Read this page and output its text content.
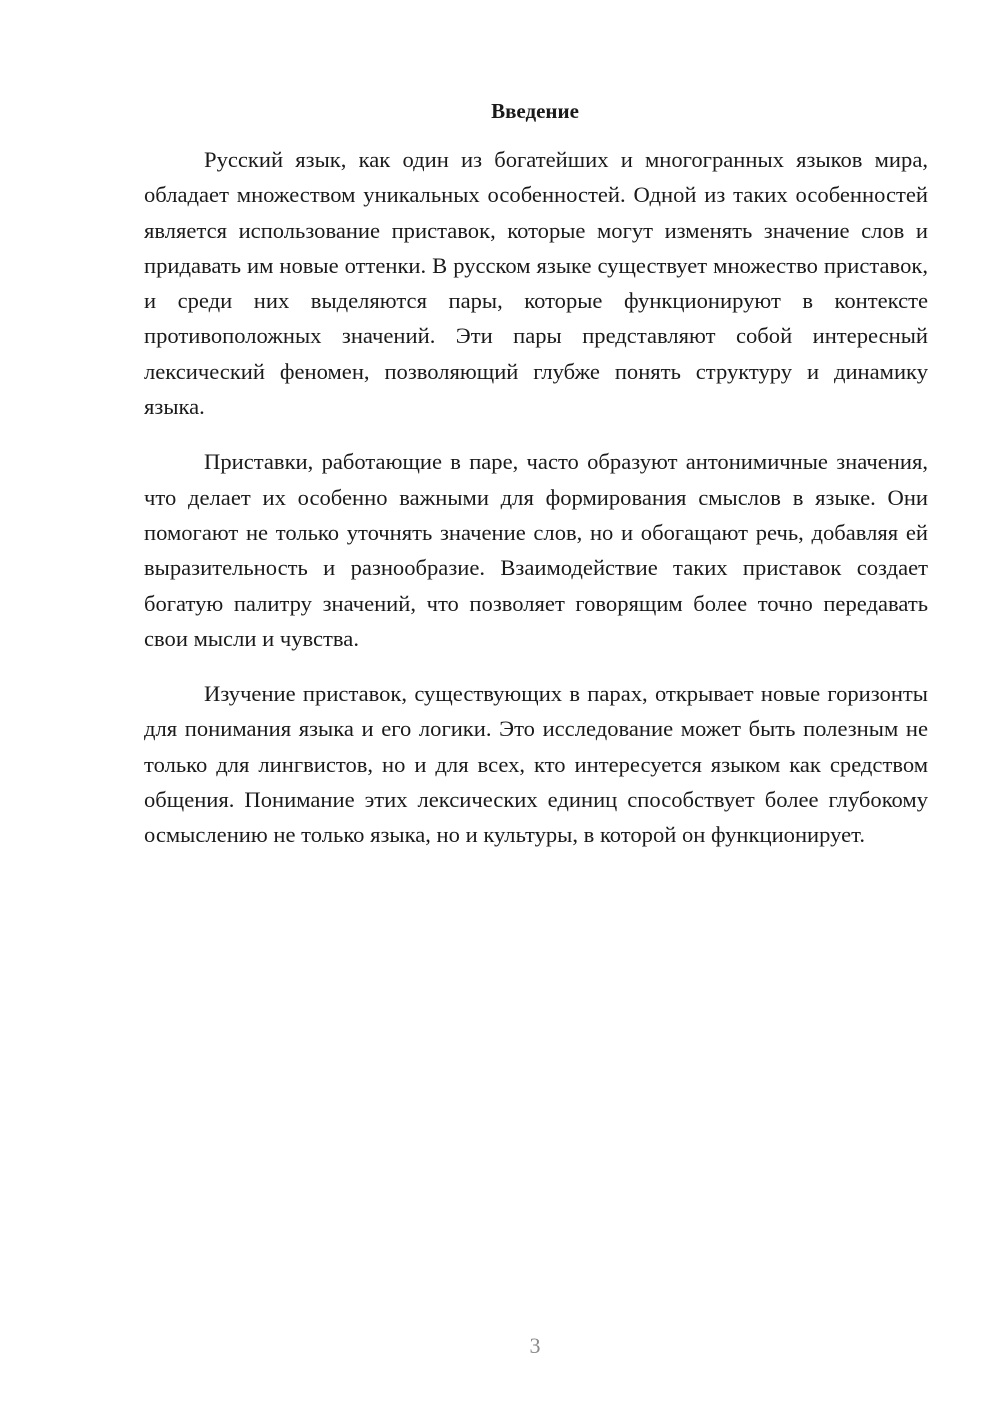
Введение

Русский язык, как один из богатейших и многогранных языков мира, обладает множеством уникальных особенностей. Одной из таких особенностей является использование приставок, которые могут изменять значение слов и придавать им новые оттенки. В русском языке существует множество приставок, и среди них выделяются пары, которые функционируют в контексте противоположных значений. Эти пары представляют собой интересный лексический феномен, позволяющий глубже понять структуру и динамику языка.

Приставки, работающие в паре, часто образуют антонимичные значения, что делает их особенно важными для формирования смыслов в языке. Они помогают не только уточнять значение слов, но и обогащают речь, добавляя ей выразительность и разнообразие. Взаимодействие таких приставок создает богатую палитру значений, что позволяет говорящим более точно передавать свои мысли и чувства.

Изучение приставок, существующих в парах, открывает новые горизонты для понимания языка и его логики. Это исследование может быть полезным не только для лингвистов, но и для всех, кто интересуется языком как средством общения. Понимание этих лексических единиц способствует более глубокому осмыслению не только языка, но и культуры, в которой он функционирует.

3
